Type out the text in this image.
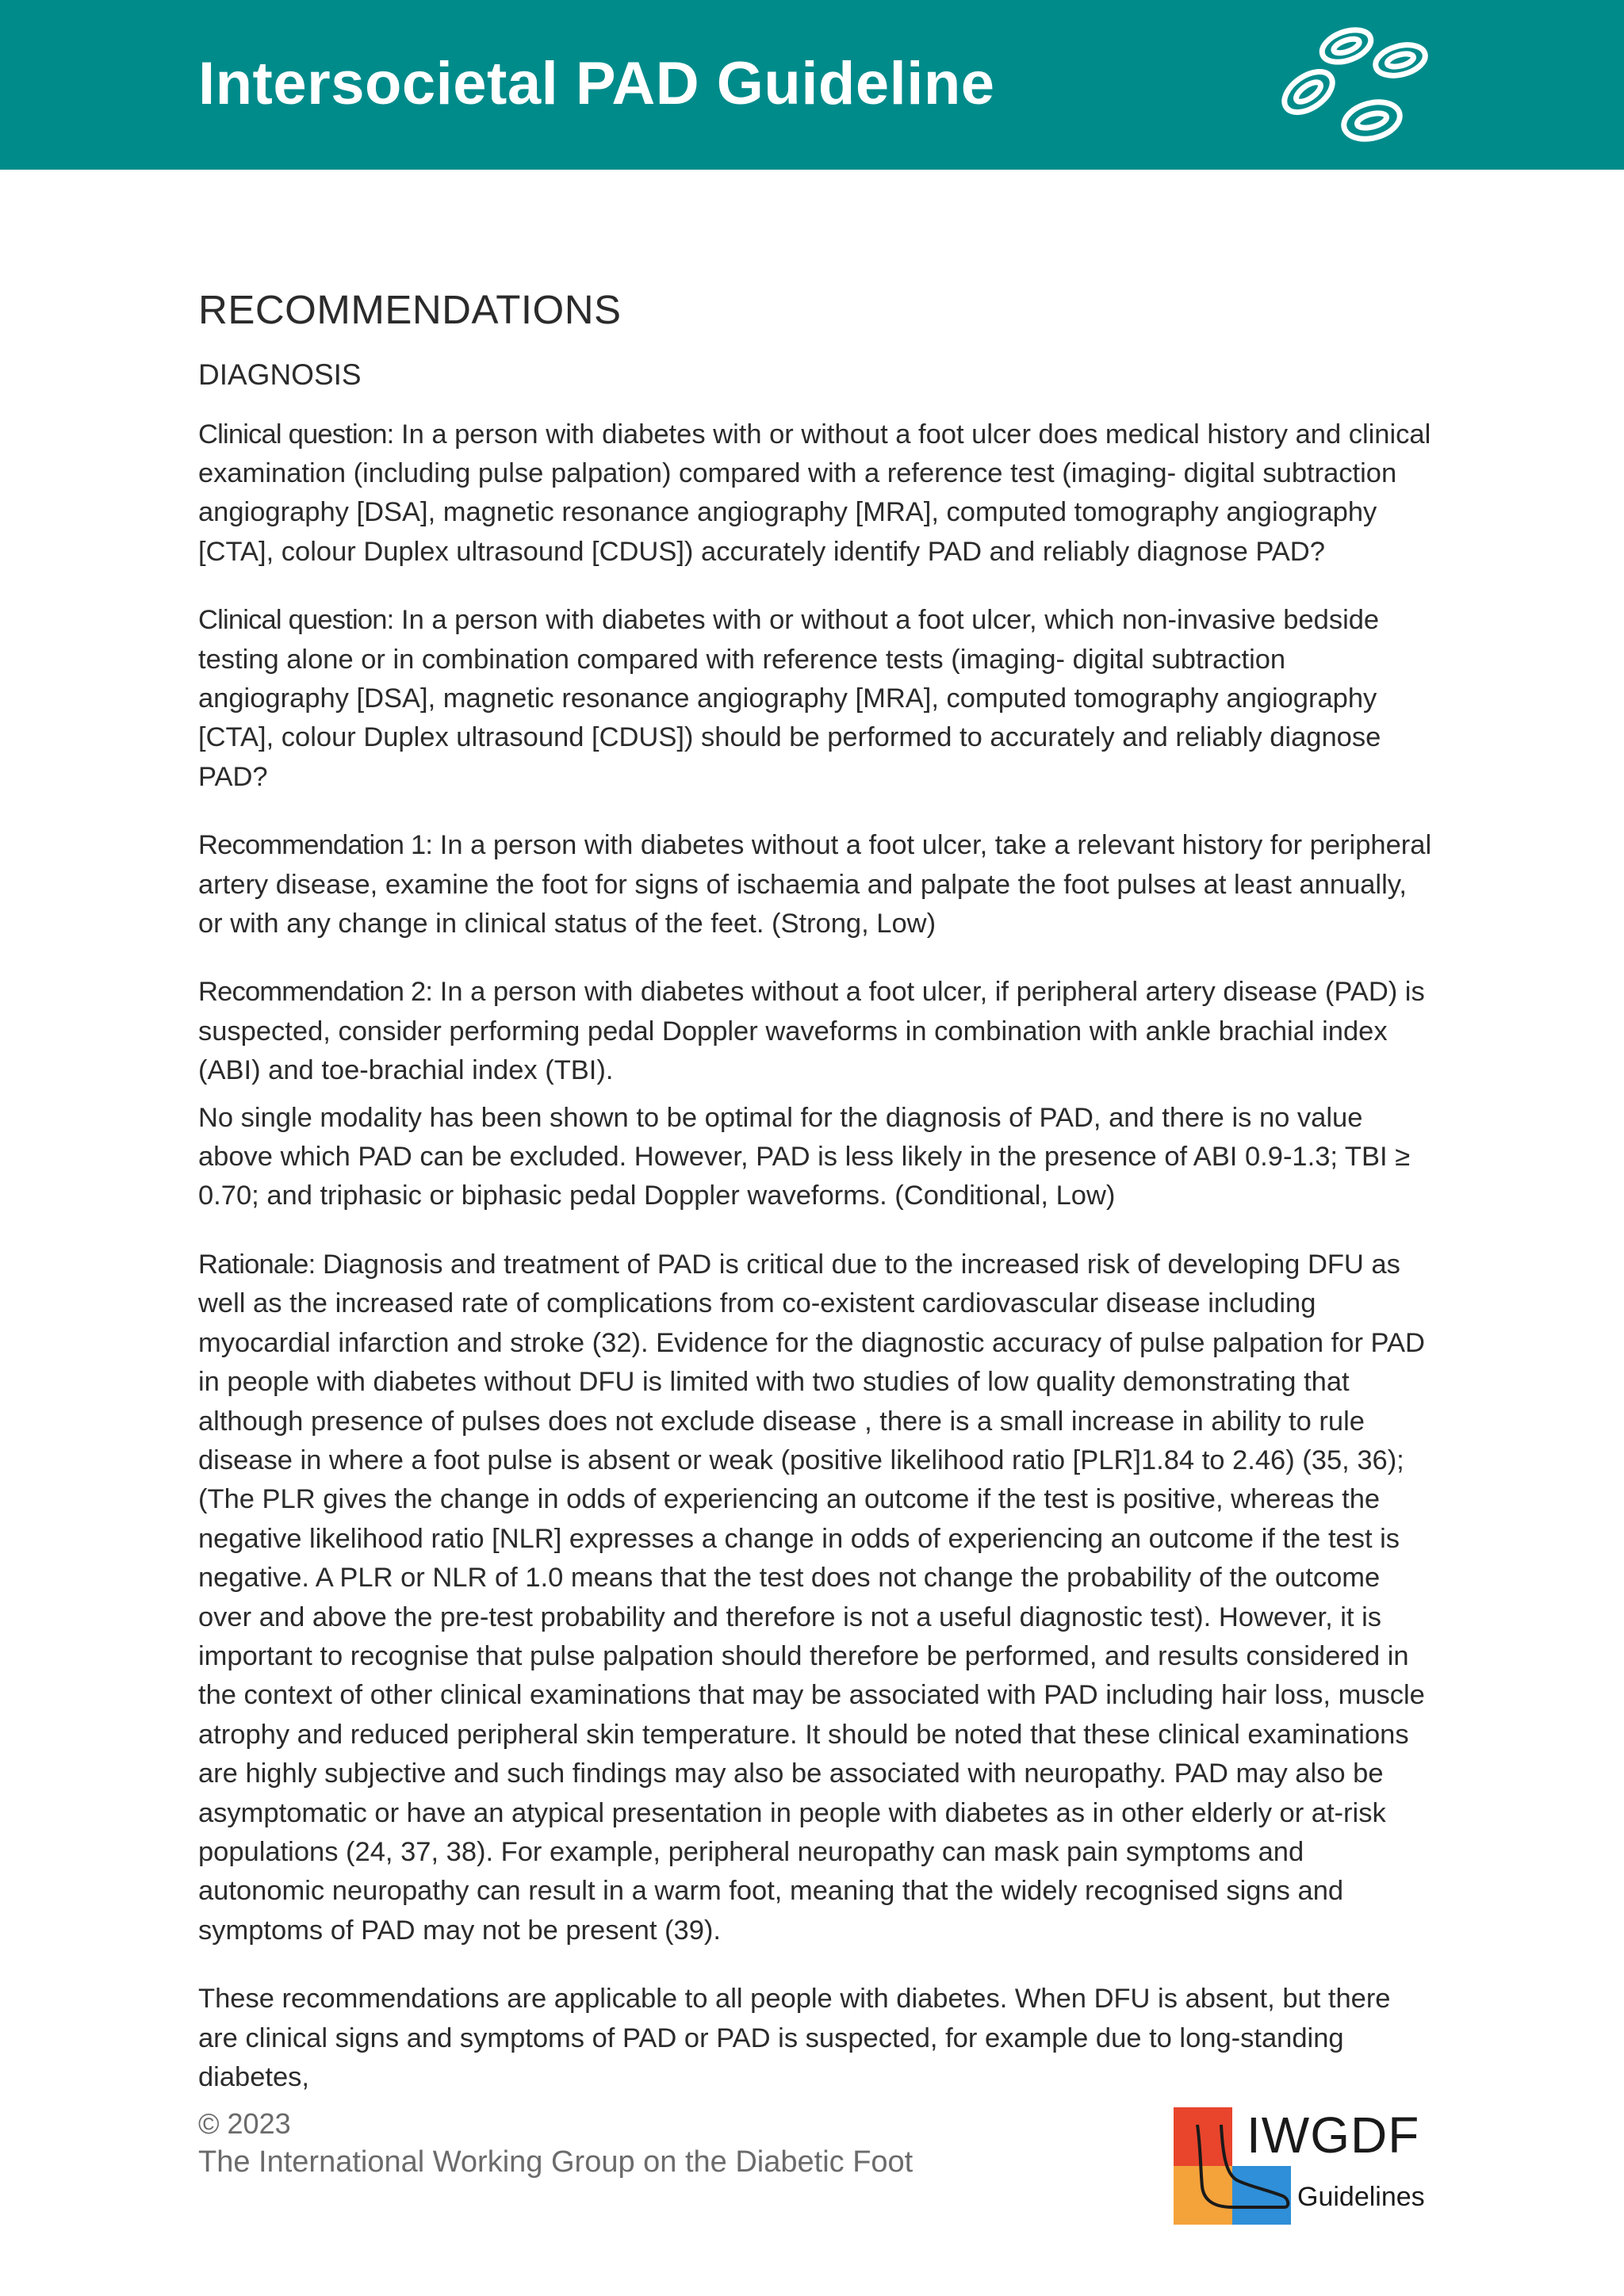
Intersocietal PAD Guideline
RECOMMENDATIONS
DIAGNOSIS

Clinical question: In a person with diabetes with or without a foot ulcer does medical history and clinical examination (including pulse palpation) compared with a reference test (imaging- digital subtraction angiography [DSA], magnetic resonance angiography [MRA], computed tomography angiography [CTA], colour Duplex ultrasound [CDUS]) accurately identify PAD and reliably diagnose PAD?

Clinical question: In a person with diabetes with or without a foot ulcer, which non-invasive bedside testing alone or in combination compared with reference tests (imaging- digital subtraction angiography [DSA], magnetic resonance angiography [MRA], computed tomography angiography [CTA], colour Duplex ultrasound [CDUS]) should be performed to accurately and reliably diagnose PAD?

Recommendation 1: In a person with diabetes without a foot ulcer, take a relevant history for peripheral artery disease, examine the foot for signs of ischaemia and palpate the foot pulses at least annually, or with any change in clinical status of the feet. (Strong, Low)

Recommendation 2: In a person with diabetes without a foot ulcer, if peripheral artery disease (PAD) is suspected, consider performing pedal Doppler waveforms in combination with ankle brachial index (ABI) and toe-brachial index (TBI).

No single modality has been shown to be optimal for the diagnosis of PAD, and there is no value above which PAD can be excluded. However, PAD is less likely in the presence of ABI 0.9-1.3; TBI ≥ 0.70; and triphasic or biphasic pedal Doppler waveforms. (Conditional, Low)

Rationale: Diagnosis and treatment of PAD is critical due to the increased risk of developing DFU as well as the increased rate of complications from co-existent cardiovascular disease including myocardial infarction and stroke (32). Evidence for the diagnostic accuracy of pulse palpation for PAD in people with diabetes without DFU is limited with two studies of low quality demonstrating that although presence of pulses does not exclude disease , there is a small increase in ability to rule disease in where a foot pulse is absent or weak (positive likelihood ratio [PLR]1.84 to 2.46) (35, 36);(The PLR gives the change in odds of experiencing an outcome if the test is positive, whereas the negative likelihood ratio [NLR] expresses a change in odds of experiencing an outcome if the test is negative. A PLR or NLR of 1.0 means that the test does not change the probability of the outcome over and above the pre-test probability and therefore is not a useful diagnostic test). However, it is important to recognise that pulse palpation should therefore be performed, and results considered in the context of other clinical examinations that may be associated with PAD including hair loss, muscle atrophy and reduced peripheral skin temperature. It should be noted that these clinical examinations are highly subjective and such findings may also be associated with neuropathy. PAD may also be asymptomatic or have an atypical presentation in people with diabetes as in other elderly or at-risk populations (24, 37, 38). For example, peripheral neuropathy can mask pain symptoms and autonomic neuropathy can result in a warm foot, meaning that the widely recognised signs and symptoms of PAD may not be present (39).

These recommendations are applicable to all people with diabetes. When DFU is absent, but there are clinical signs and symptoms of PAD or PAD is suspected, for example due to long-standing diabetes,

© 2023
The International Working Group on the Diabetic Foot	IWGDF
Guidelines
